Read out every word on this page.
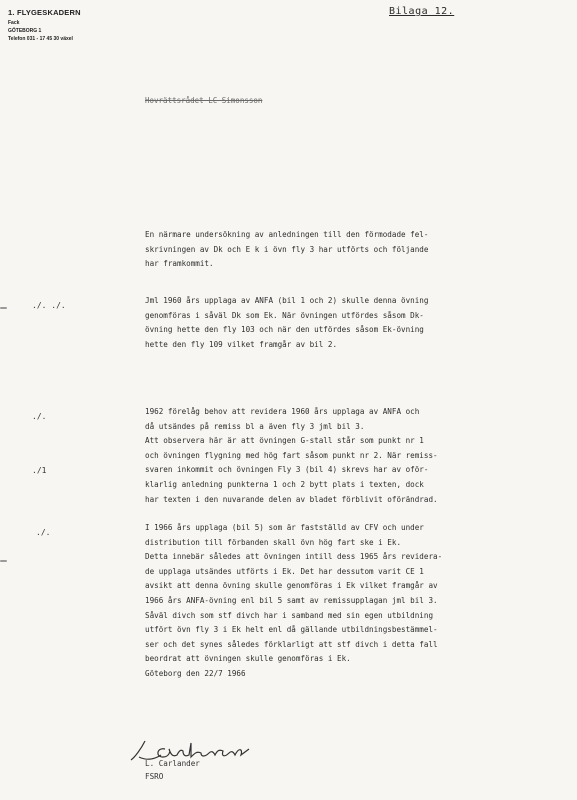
1. FLYGESKADERN
Fack
GÖTEBORG 1
Telefon 031 - 17 45 30 växel
Bilaga 12.
Hovrättsrådet LC Simonsson
En närmare undersökning av anledningen till den förmodade fel-
skrivningen av Dk och E k i övn fly 3 har utförts och följande
har framkommit.
./. ./.
Jml 1960 års upplaga av ANFA (bil 1 och 2) skulle denna övning
genomföras i såväl Dk som Ek. När övningen utfördes såsom Dk-
övning hette den fly 103 och när den utfördes såsom Ek-övning
hette den fly 109 vilket framgår av bil 2.
./.
./1
1962 förelåg behov att revidera 1960 års upplaga av ANFA och
då utsändes på remiss bl a även fly 3 jml bil 3.
Att observera här är att övningen G-stall står som punkt nr 1
och övningen flygning med hög fart såsom punkt nr 2. När remiss-
svaren inkommit och övningen Fly 3 (bil 4) skrevs har av oför-
klarlig anledning punkterna 1 och 2 bytt plats i texten, dock
har texten i den nuvarande delen av bladet förblivit oförändrad.
./.
I 1966 års upplaga (bil 5) som är fastställd av CFV och under
distribution till förbanden skall övn hög fart ske i Ek.
Detta innebär således att övningen intill dess 1965 års revidera-
de upplaga utsändes utförts i Ek. Det har dessutom varit CE 1
avsikt att denna övning skulle genomföras i Ek vilket framgår av
1966 års ANFA-övning enl bil 5 samt av remissupplagan jml bil 3.
Såväl divch som stf divch har i samband med sin egen utbildning
utfört övn fly 3 i Ek helt enl då gällande utbildningsbestämmel-
ser och det synes således förklarligt att stf divch i detta fall
beordrat att övningen skulle genomföras i Ek.
Göteborg den 22/7 1966
L. Carlander
FSRO
